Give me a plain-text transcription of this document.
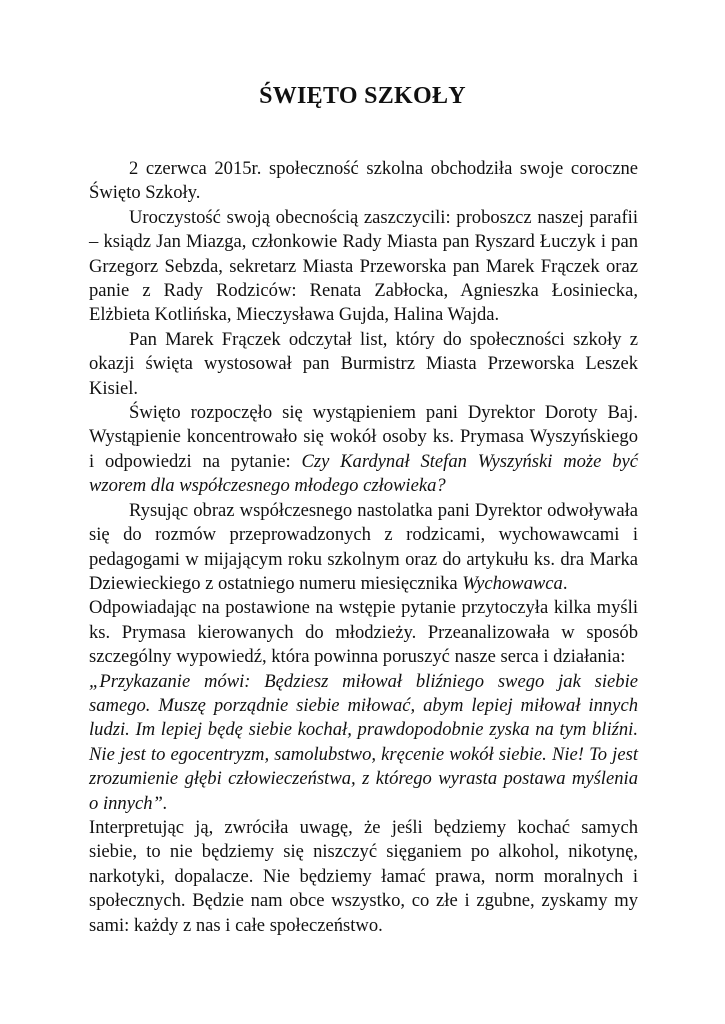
ŚWIĘTO SZKOŁY

2 czerwca 2015r. społeczność szkolna obchodziła swoje coroczne Święto Szkoły.

Uroczystość swoją obecnością zaszczycili: proboszcz naszej parafii – ksiądz Jan Miazga, członkowie Rady Miasta pan Ryszard Łuczyk i pan Grzegorz Sebzda, sekretarz Miasta Przeworska pan Marek Frączek oraz panie z Rady Rodziców: Renata Zabłocka, Agnieszka Łosiniecka, Elżbieta Kotlińska, Mieczysława Gujda, Halina Wajda.

Pan Marek Frączek odczytał list, który do społeczności szkoły z okazji święta wystosował pan Burmistrz Miasta Przeworska Leszek Kisiel.

Święto rozpoczęło się wystąpieniem pani Dyrektor Doroty Baj. Wystąpienie koncentrowało się wokół osoby ks. Prymasa Wyszyńskiego i odpowiedzi na pytanie: Czy Kardynał Stefan Wyszyński może być wzorem dla współczesnego młodego człowieka?

Rysując obraz współczesnego nastolatka pani Dyrektor odwoływała się do rozmów przeprowadzonych z rodzicami, wychowawcami i pedagogami w mijającym roku szkolnym oraz do artykułu ks. dra Marka Dziewieckiego z ostatniego numeru miesięcznika Wychowawca.

Odpowiadając na postawione na wstępie pytanie przytoczyła kilka myśli ks. Prymasa kierowanych do młodzieży. Przeanalizowała w sposób szczególny wypowiedź, która powinna poruszyć nasze serca i działania:

„Przykazanie mówi: Będziesz miłował bliźniego swego jak siebie samego. Muszę porządnie siebie miłować, abym lepiej miłował innych ludzi. Im lepiej będę siebie kochał, prawdopodobnie zyska na tym bliźni. Nie jest to egocentryzm, samolubstwo, kręcenie wokół siebie. Nie! To jest zrozumienie głębi człowieczeństwa, z którego wyrasta postawa myślenia o innych”.

Interpretując ją, zwróciła uwagę, że jeśli będziemy kochać samych siebie, to nie będziemy się niszczyć sięganiem po alkohol, nikotynę, narkotyki, dopalacze. Nie będziemy łamać prawa, norm moralnych i społecznych. Będzie nam obce wszystko, co złe i zgubne, zyskamy my sami: każdy z nas i całe społeczeństwo.
